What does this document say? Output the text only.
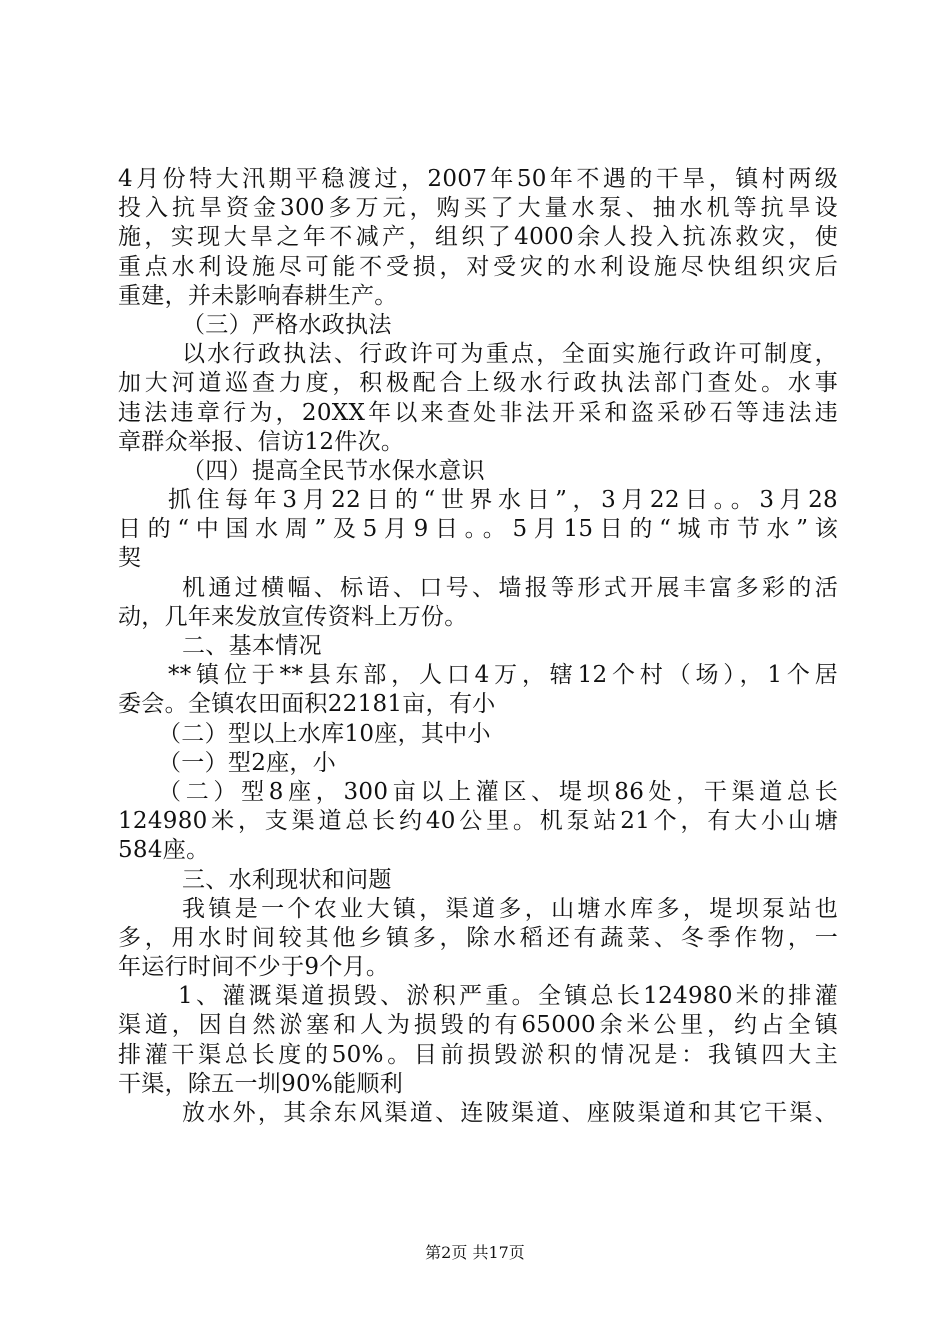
4月份特大汛期平稳渡过，2007年50年不遇的干旱，镇村两级
投入抗旱资金300多万元，购买了大量水泵、抽水机等抗旱设
施，实现大旱之年不减产，组织了4000余人投入抗冻救灾，使
重点水利设施尽可能不受损，对受灾的水利设施尽快组织灾后
重建，并未影响春耕生产。
（三）严格水政执法
以水行政执法、行政许可为重点，全面实施行政许可制度，
加大河道巡查力度，积极配合上级水行政执法部门查处。水事
违法违章行为，20XX年以来查处非法开采和盗采砂石等违法违
章群众举报、信访12件次。
（四）提高全民节水保水意识
抓住每年3月22日的“世界水日”，3月22日。。3月28
日的“中国水周”及5月9日。。5月15日的“城市节水”该
契
机通过横幅、标语、口号、墙报等形式开展丰富多彩的活
动，几年来发放宣传资料上万份。
二、基本情况
**镇位于**县东部，人口4万，辖12个村（场），1个居
委会。全镇农田面积22181亩，有小
（二）型以上水库10座，其中小
（一）型2座，小
（二）型8座，300亩以上灌区、堤坝86处，干渠道总长
124980米，支渠道总长约40公里。机泵站21个，有大小山塘
584座。
三、水利现状和问题
我镇是一个农业大镇，渠道多，山塘水库多，堤坝泵站也
多，用水时间较其他乡镇多，除水稻还有蔬菜、冬季作物，一
年运行时间不少于9个月。
1、灌溉渠道损毁、淤积严重。全镇总长124980米的排灌
渠道，因自然淤塞和人为损毁的有65000余米公里，约占全镇
排灌干渠总长度的50%。目前损毁淤积的情况是：我镇四大主
干渠，除五一圳90%能顺利
放水外，其余东风渠道、连陂渠道、座陂渠道和其它干渠、
第2页 共17页
